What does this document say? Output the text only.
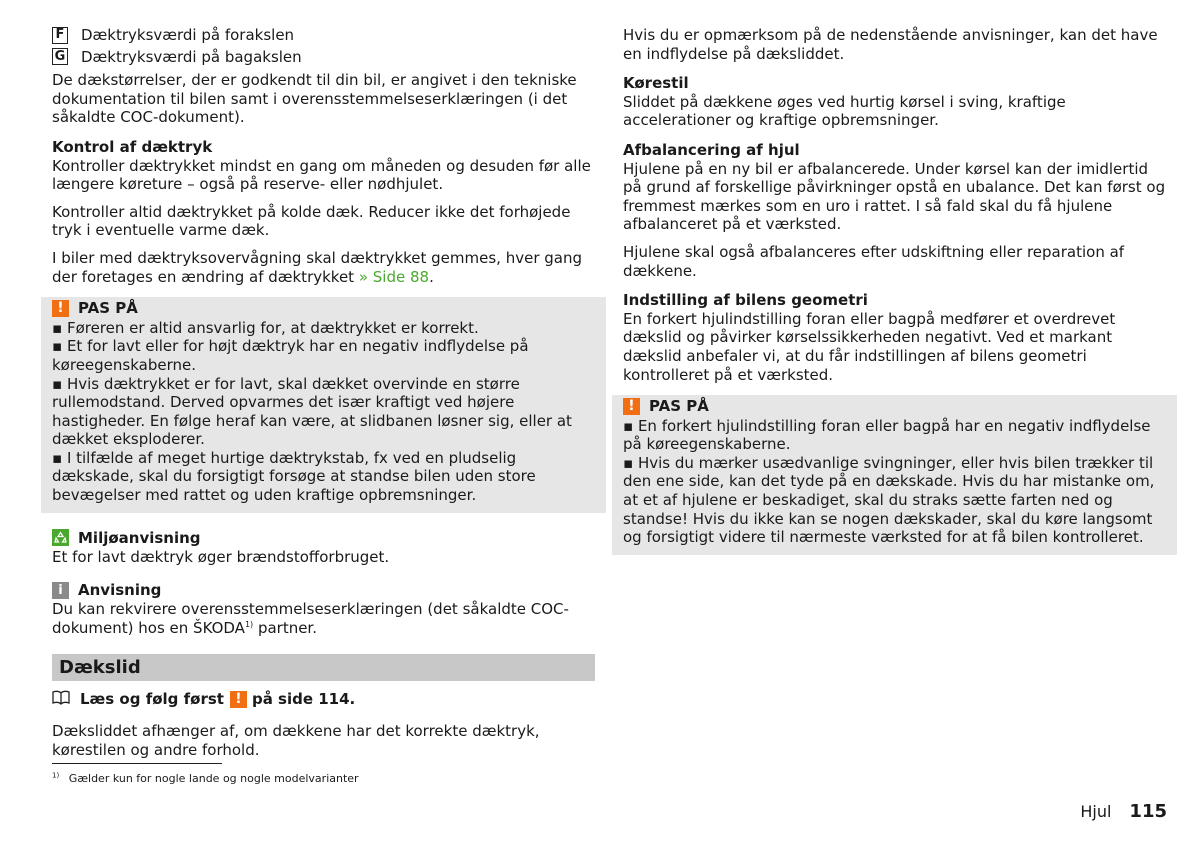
F Dæktryksværdi på forakslen
G Dæktryksværdi på bagakslen

De dækstørrelser, der er godkendt til din bil, er angivet i den tekniske dokumentation til bilen samt i overensstemmelseserklæringen (i det såkaldte COC-dokument).

Kontrol af dæktryk

Kontroller dæktrykket mindst en gang om måneden og desuden før alle længere køreture – også på reserve- eller nødhjulet.

Kontroller altid dæktrykket på kolde dæk. Reducer ikke det forhøjede tryk i eventuelle varme dæk.

I biler med dæktryksovervågning skal dæktrykket gemmes, hver gang der foretages en ændring af dæktrykket » Side 88.

! PAS PÅ

▪ Føreren er altid ansvarlig for, at dæktrykket er korrekt.

▪ Et for lavt eller for højt dæktryk har en negativ indflydelse på køreegenskaberne.

▪ Hvis dæktrykket er for lavt, skal dækket overvinde en større rullemodstand. Derved opvarmes det især kraftigt ved højere hastigheder. En følge heraf kan være, at slidbanen løsner sig, eller at dækket eksploderer.

▪ I tilfælde af meget hurtige dæktrykstab, fx ved en pludselig dækskade, skal du forsigtigt forsøge at standse bilen uden store bevægelser med rattet og uden kraftige opbremsninger.

Miljøanvisning

Et for lavt dæktryk øger brændstofforbruget.

i	Anvisning

Du kan rekvirere overensstemmelseserklæringen (det såkaldte COC-dokument) hos en ŠKODA$^{1)}$ partner.

Dækslid
Læs og følg først ! på side 114.

Dæksliddet afhænger af, om dækkene har det korrekte dæktryk, kørestilen og andre forhold.

Hvis du er opmærksom på de nedenstående anvisninger, kan det have en indflydelse på dæksliddet.

Kørestil

Sliddet på dækkene øges ved hurtig kørsel i sving, kraftige accelerationer og kraftige opbremsninger.

Afbalancering af hjul

Hjulene på en ny bil er afbalancerede. Under kørsel kan der imidlertid på grund af forskellige påvirkninger opstå en ubalance. Det kan først og fremmest mærkes som en uro i rattet. I så fald skal du få hjulene afbalanceret på et værksted.

Hjulene skal også afbalanceres efter udskiftning eller reparation af dækkene.

Indstilling af bilens geometri

En forkert hjulindstilling foran eller bagpå medfører et overdrevet dækslid og påvirker kørselssikkerheden negativt. Ved et markant dækslid anbefaler vi, at du får indstillingen af bilens geometri kontrolleret på et værksted.

! PAS PÅ

▪ En forkert hjulindstilling foran eller bagpå har en negativ indflydelse på køreegenskaberne.

▪ Hvis du mærker usædvanlige svingninger, eller hvis bilen trækker til den ene side, kan det tyde på en dækskade. Hvis du har mistanke om, at et af hjulene er beskadiget, skal du straks sætte farten ned og standse! Hvis du ikke kan se nogen dækskader, skal du køre langsomt og forsigtigt videre til nærmeste værksted for at få bilen kontrolleret.

$^{1)}$ Gælder kun for nogle lande og nogle modelvarianter
Hjul 115
